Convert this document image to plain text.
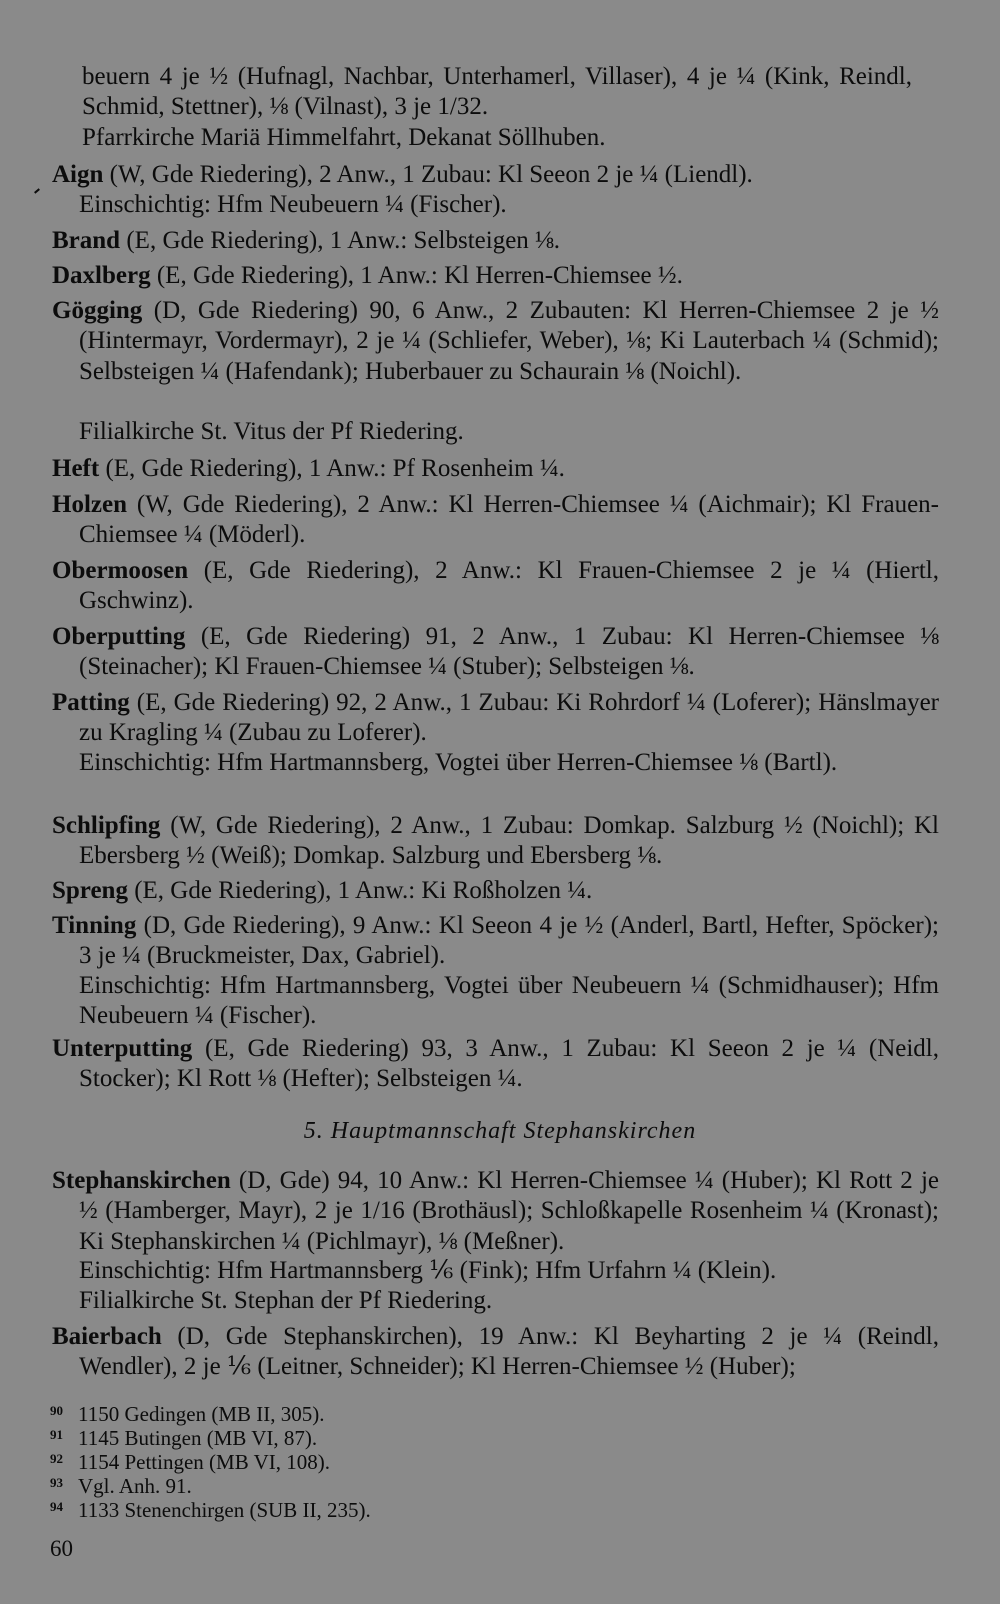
beuern 4 je ½ (Hufnagl, Nachbar, Unterhamerl, Villaser), 4 je ¼ (Kink, Reindl, Schmid, Stettner), ⅛ (Vilnast), 3 je 1/32.

Pfarrkirche Mariä Himmelfahrt, Dekanat Söllhuben.

Aign (W, Gde Riedering), 2 Anw., 1 Zubau: Kl Seeon 2 je ¼ (Liendl).

Einschichtig: Hfm Neubeuern ¼ (Fischer).

Brand (E, Gde Riedering), 1 Anw.: Selbsteigen ⅛.

Daxlberg (E, Gde Riedering), 1 Anw.: Kl Herren-Chiemsee ½.

Gögging (D, Gde Riedering) 90, 6 Anw., 2 Zubauten: Kl Herren-Chiemsee 2 je ½ (Hintermayr, Vordermayr), 2 je ¼ (Schliefer, Weber), ⅛; Ki Lauterbach ¼ (Schmid); Selbsteigen ¼ (Hafendank); Huberbauer zu Schaurain ⅛ (Noichl).

Filialkirche St. Vitus der Pf Riedering.

Heft (E, Gde Riedering), 1 Anw.: Pf Rosenheim ¼.

Holzen (W, Gde Riedering), 2 Anw.: Kl Herren-Chiemsee ¼ (Aichmair); Kl Frauen-Chiemsee ¼ (Möderl).

Obermoosen (E, Gde Riedering), 2 Anw.: Kl Frauen-Chiemsee 2 je ¼ (Hiertl, Gschwinz).

Oberputting (E, Gde Riedering) 91, 2 Anw., 1 Zubau: Kl Herren-Chiemsee ⅛ (Steinacher); Kl Frauen-Chiemsee ¼ (Stuber); Selbsteigen ⅛.

Patting (E, Gde Riedering) 92, 2 Anw., 1 Zubau: Ki Rohrdorf ¼ (Loferer); Hänslmayer zu Kragling ¼ (Zubau zu Loferer).

Einschichtig: Hfm Hartmannsberg, Vogtei über Herren-Chiemsee ⅛ (Bartl).

Schlipfing (W, Gde Riedering), 2 Anw., 1 Zubau: Domkap. Salzburg ½ (Noichl); Kl Ebersberg ½ (Weiß); Domkap. Salzburg und Ebersberg ⅛.

Spreng (E, Gde Riedering), 1 Anw.: Ki Roßholzen ¼.

Tinning (D, Gde Riedering), 9 Anw.: Kl Seeon 4 je ½ (Anderl, Bartl, Hefter, Spöcker); 3 je ¼ (Bruckmeister, Dax, Gabriel).

Einschichtig: Hfm Hartmannsberg, Vogtei über Neubeuern ¼ (Schmidhauser); Hfm Neubeuern ¼ (Fischer).

Unterputting (E, Gde Riedering) 93, 3 Anw., 1 Zubau: Kl Seeon 2 je ¼ (Neidl, Stocker); Kl Rott ⅛ (Hefter); Selbsteigen ¼.

5. Hauptmannschaft Stephanskirchen

Stephanskirchen (D, Gde) 94, 10 Anw.: Kl Herren-Chiemsee ¼ (Huber); Kl Rott 2 je ½ (Hamberger, Mayr), 2 je 1/16 (Brothäusl); Schloßkapelle Rosenheim ¼ (Kronast); Ki Stephanskirchen ¼ (Pichlmayr), ⅛ (Meßner).

Einschichtig: Hfm Hartmannsberg ⅙ (Fink); Hfm Urfahrn ¼ (Klein).

Filialkirche St. Stephan der Pf Riedering.

Baierbach (D, Gde Stephanskirchen), 19 Anw.: Kl Beyharting 2 je ¼ (Reindl, Wendler), 2 je ⅙ (Leitner, Schneider); Kl Herren-Chiemsee ½ (Huber);

90 1150 Gedingen (MB II, 305).

91 1145 Butingen (MB VI, 87).

92 1154 Pettingen (MB VI, 108).

93 Vgl. Anh. 91.

94 1133 Stenenchirgen (SUB II, 235).

60
